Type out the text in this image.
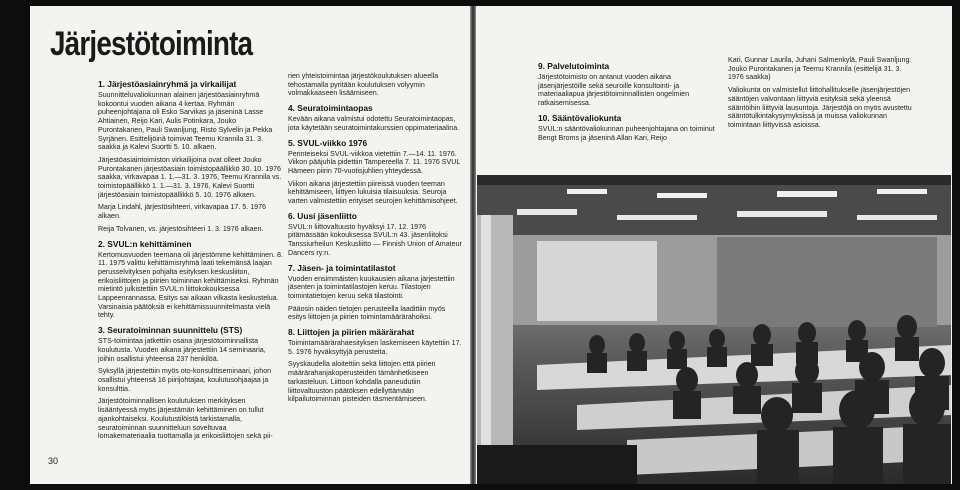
Järjestötoiminta
1. Järjestöasiainryhmä ja virkailijat

Suunnitteluvaliokunnan alainen järjestöasiainryhmä kokoontui vuoden aikana 4 kertaa. Ryhmän puheenjohtajana oli Esko Sarvikas ja jäseninä Lasse Ahtiainen, Reijo Kari, Aulis Potinkara, Jouko Purontakanen, Pauli Swanljung, Risto Sylvelin ja Pekka Syrjänen. Esittelijöinä toimivat Teemu Krannila 31. 3. saakka ja Kalevi Suortti 5. 10. alkaen.

Järjestöasiaintoimiston virkailijoina ovat olleet Jouko Purontakanen järjestöasiain toimistopäällikkö 30. 10. 1976 saakka, virkavapaa 1. 1.—31. 3. 1976, Teemu Krannila vs. toimistopäällikkö 1. 1.—31. 3. 1976, Kalevi Suortti järjestöasiain toimistopäällikkö 5. 10. 1976 alkaen.

Marja Lindahl, järjestösihteeri, virkavapaa 17. 5. 1976 alkaen.

Reija Tolvanen, vs. järjestösihteeri 1. 3. 1976 alkaen.

2. SVUL:n kehittäminen

Kertomusvuoden teemana oli järjestömme kehittäminen. 8. 11. 1975 valittu kehittämisryhmä laati tekemänsä laajan perusselvityksen pohjalta esityksen keskusliiton, erikoisliittojen ja piirien toiminnan kehittämiseksi. Ryhmän mietintö julkistettiin SVUL:n liittokokouksessa Lappeenrannassa. Esitys sai aikaan vilkasta keskustelua. Varsinaisia päätöksiä ei kehittämissuunnitelmasta vielä tehty.

3. Seuratoiminnan suunnittelu (STS)

STS-toimintaa jatkettiin osana järjestötoiminnallista koulutusta. Vuoden aikana järjestettiin 14 seminaaria, joihin osallistui yhteensä 237 henkilöä.

Syksyllä järjestettiin myös oto-konsulttiseminaari, johon osallistui yhteensä 16 piirijohtajaa, koulutusohjaajaa ja konsulttia.

Järjestötoiminnallisen koulutuksen merkityksen lisääntyessä myös järjestämän kehittäminen on tullut ajankohtaiseksi. Koulutustilöistä tarkistamalla, seuratoiminnan suunnitteluun soveltuvaa lomakemateriaalia tuottamalla ja erikoisliittojen sekä pii-

rien yhteistoimintaa järjestökoulutuksen alueella tehostamalla pyritään koulutuksen volyymin volmakkaaseen lisäämiseen.

4. Seuratoimintaopas

Kevään aikana valmistui odotettu Seuratoimintaopas, jota käytetään seuratoimintakurssien oppimateriaalina.

5. SVUL-viikko 1976

Perinteiseksi SVUL-viikkoa vietettiin 7.—14. 11. 1976. Viikon pääjuhla pidettiin Tampereella 7. 11. 1976 SVUL Hämeen piirin 70-vuotisjuhlien yhteydessä.

Viikon aikana järjestettiin piireissä vuoden teeman kehittämiseen, liittyen lukuisia tilaisuuksia. Seuroja varten valmistettiin erityiset seurojen kehittämisohjeet.

6. Uusi jäsenliitto

SVUL:n liittovaltuusto hyväksyi 17. 12. 1976 pitämässään kokouksessa SVUL:n 43. jäsenliitoksi Tanssiurheilun Keskusliitto — Finnish Union of Amateur Dancers ry:n.

7. Jäsen- ja toimintatilastot

Vuoden ensimmäisten kuukausien aikana järjestettiin jäsenten ja toimintatilastojen keruu. Tilastojen toimintatietojen keruu sekä tilastointi.

Pääosin näiden tietojen perusteella laadittiin myös esitys liittojen ja piirien toimintamäärärahoiksi.

8. Liittojen ja piirien määrärahat

Toimintamäärärahaesityksen laskemiseen käytettiin 17. 5. 1976 hyväksyttyjä perusteita.

Syyskaudella aloitettiin sekä liittojen että piirien määrärahanjakoperusteiden tämänhetkiseen tarkasteluun. Liittoon kohdalla paneudutiin liittovaltuuston päätöksen edellyttämään kilpailutoiminnan pisteiden täsmentämiseen.

30
9. Palvelutoiminta

Järjestötoimisto on antanut vuoden aikana jäsenjärjestöille sekä seuroille konsultointi- ja materiaaliapua järjestötoiminnallisten ongelmien ratkaisemisessa.

10. Sääntövaliokunta

SVUL:n sääntövaliokunnan puheenjohtajana on toiminut Bengt Broms ja jäseninä Allan Kari, Reijo

Kari, Gunnar Laurila, Juhani Salmenkylä, Pauli Swanljung. Jouko Purontakanen ja Teemu Krannila (esittelijä 31. 3. 1976 saakka)

Valiokunta on valmistellut liittohallitukselle jäsenjärjestöjen sääntöjen valvontaan liittyviä esityksiä sekä yleensä sääntöihin liittyviä lausuntoja. Järjestöjä on myös avustettu sääntötulkintakysymyksissä ja muissa valiokunnan toimintaan liittyvissä asioissa.
